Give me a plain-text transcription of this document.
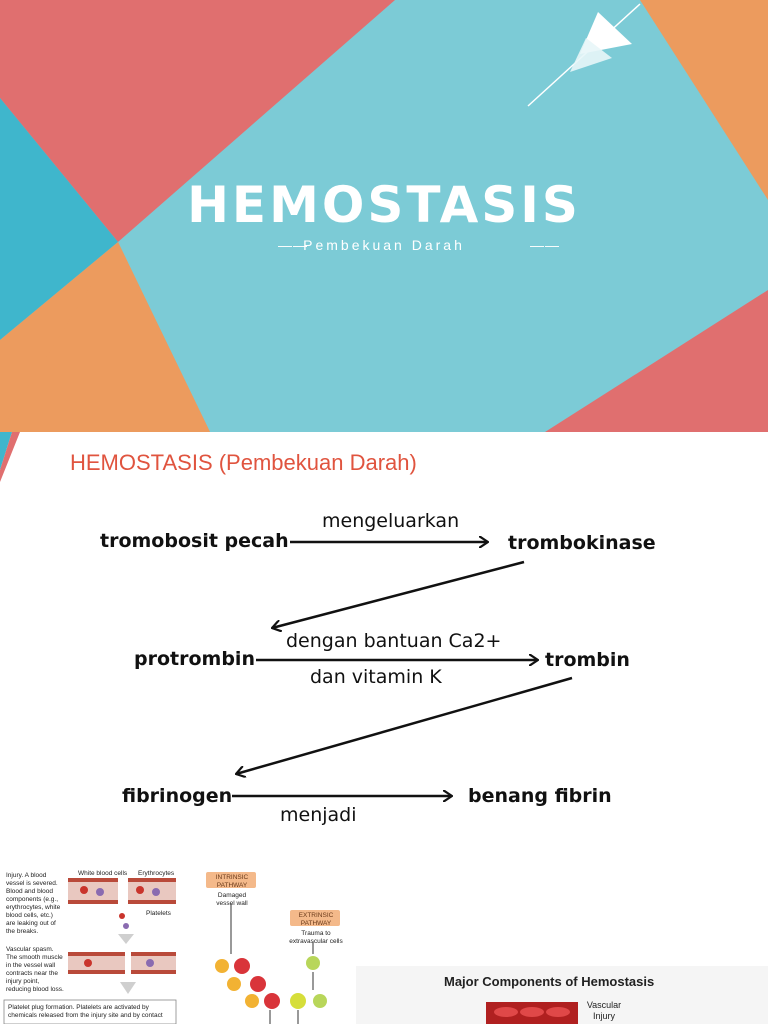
HEMOSTASIS
——
Pembekuan Darah	——
HEMOSTASIS (Pembekuan Darah)
tromobosit pecah
mengeluarkan
trombokinase
protrombin
dengan bantuan Ca2+
dan vitamin K
trombin
fibrinogen
menjadi
benang fibrin
Injury. A blood vessel is severed. Blood and blood components (e.g., erythrocytes, white blood cells, etc.) are leaking out of the breaks.
Vascular spasm. The smooth muscle in the vessel wall contracts near the injury point, reducing blood loss.
Platelet plug formation. Platelets are activated by chemicals released from the injury site and by contact
White blood cells Erythrocytes
Platelets
INTRINSIC PATHWAY
Damaged vessel wall
EXTRINSIC PATHWAY
Trauma to extravascular cells
Major Components of Hemostasis
Vascular Injury
